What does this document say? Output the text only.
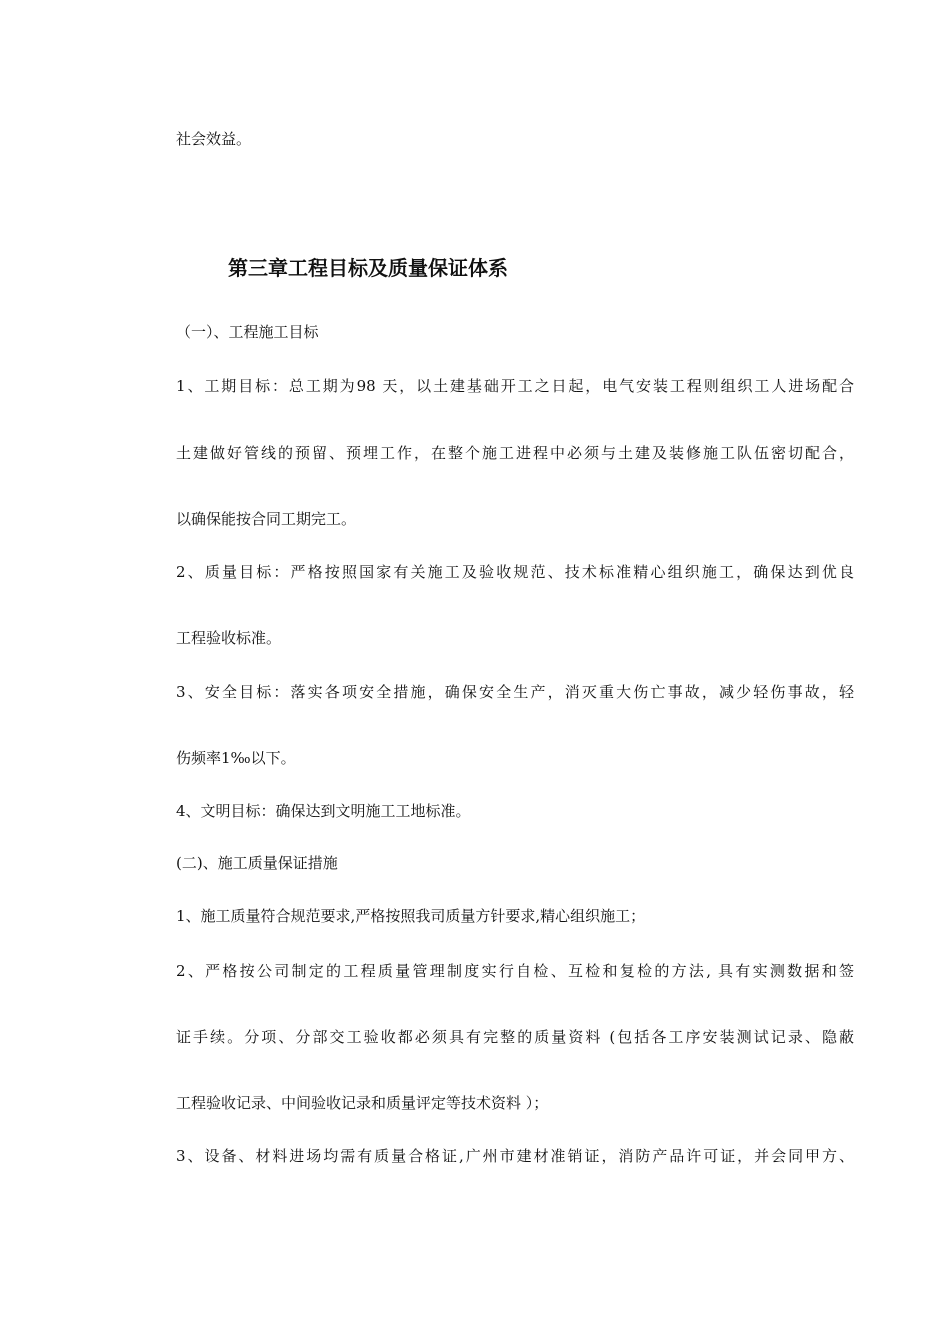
社会效益。
第三章工程目标及质量保证体系
（一）、工程施工目标
1、工期目标：总工期为98 天，以土建基础开工之日起，电气安装工程则组织工人进场配合
土建做好管线的预留、预埋工作，在整个施工进程中必须与土建及装修施工队伍密切配合，
以确保能按合同工期完工。
2、质量目标：严格按照国家有关施工及验收规范、技术标准精心组织施工，确保达到优良
工程验收标准。
3、安全目标：落实各项安全措施，确保安全生产，消灭重大伤亡事故，减少轻伤事故，轻
伤频率1‰以下。
4、文明目标：确保达到文明施工工地标准。
(二)、施工质量保证措施
1、施工质量符合规范要求,严格按照我司质量方针要求,精心组织施工；
2、严格按公司制定的工程质量管理制度实行自检、互检和复检的方法, 具有实测数据和签
证手续。分项、分部交工验收都必须具有完整的质量资料 (包括各工序安装测试记录、隐蔽
工程验收记录、中间验收记录和质量评定等技术资料 ）；
3、设备、材料进场均需有质量合格证,广州市建材准销证，消防产品许可证，并会同甲方、
